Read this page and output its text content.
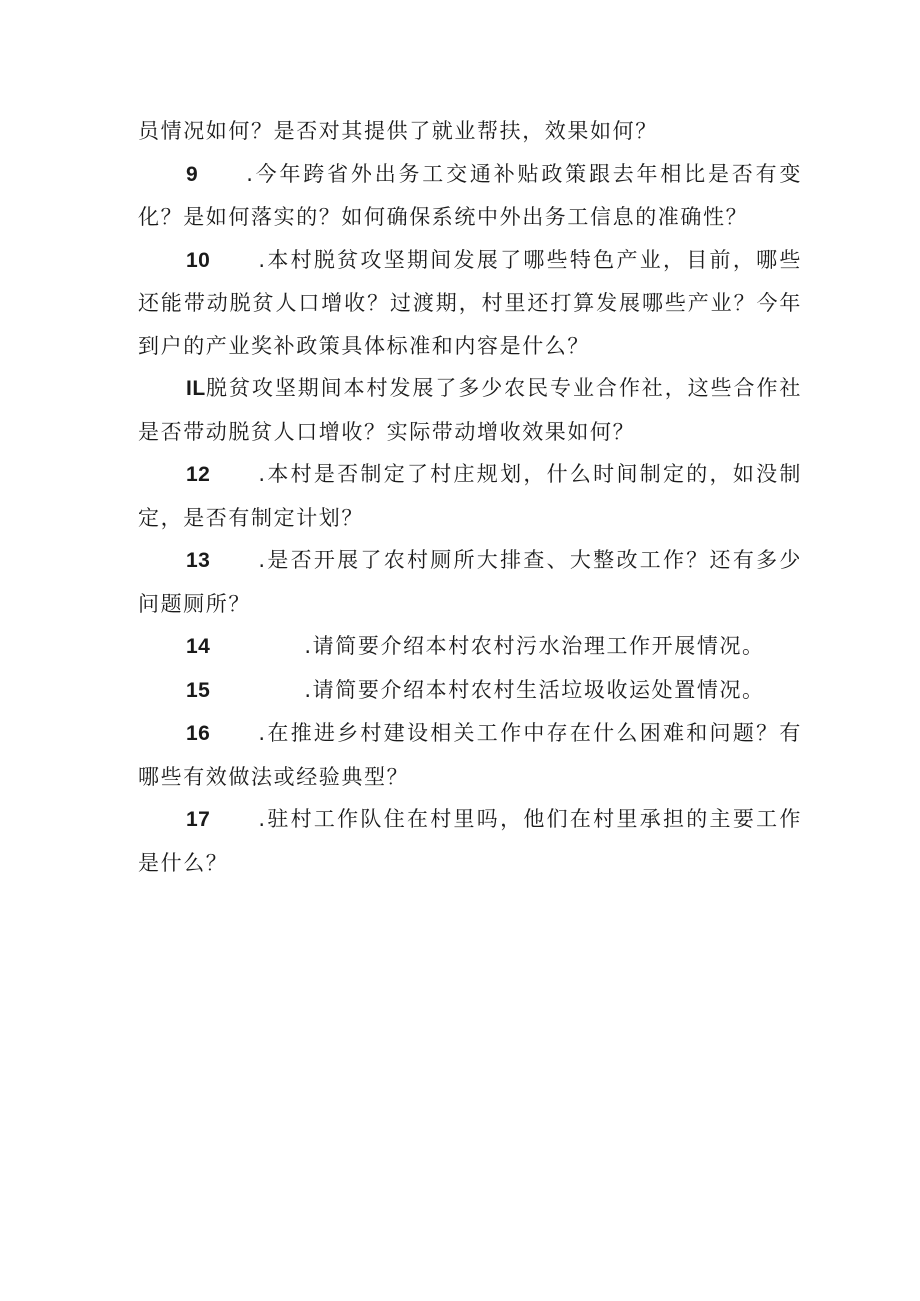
员情况如何？是否对其提供了就业帮扶，效果如何？

9.今年跨省外出务工交通补贴政策跟去年相比是否有变化？是如何落实的？如何确保系统中外出务工信息的准确性？

10.本村脱贫攻坚期间发展了哪些特色产业，目前，哪些还能带动脱贫人口增收？过渡期，村里还打算发展哪些产业？今年到户的产业奖补政策具体标准和内容是什么？

IL脱贫攻坚期间本村发展了多少农民专业合作社，这些合作社是否带动脱贫人口增收？实际带动增收效果如何？

12.本村是否制定了村庄规划，什么时间制定的，如没制定，是否有制定计划？

13.是否开展了农村厕所大排查、大整改工作？还有多少问题厕所？

14	.请简要介绍本村农村污水治理工作开展情况。

15	.请简要介绍本村农村生活垃圾收运处置情况。

16.在推进乡村建设相关工作中存在什么困难和问题？有哪些有效做法或经验典型？

17.驻村工作队住在村里吗，他们在村里承担的主要工作是什么？
